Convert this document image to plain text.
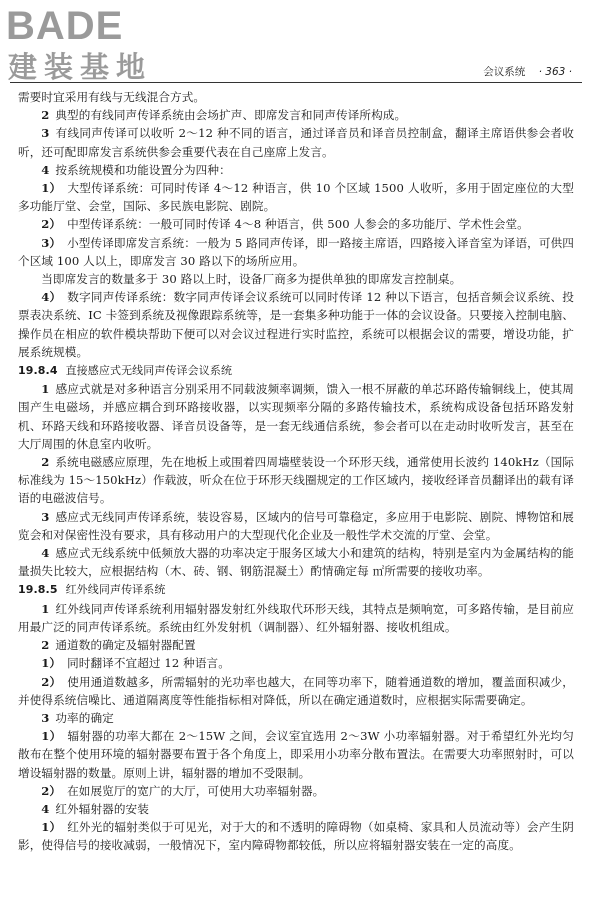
BADE
建装基地	会议系统 · 363 ·

需要时宜采用有线与无线混合方式。

2 典型的有线同声传译系统由会场扩声、即席发言和同声传译所构成。

3 有线同声传译可以收听 2～12 种不同的语言，通过译音员和译音员控制盒，翻译主席语供参会者收听，还可配即席发言系统供参会重要代表在自己座席上发言。

4 按系统规模和功能设置分为四种：

1） 大型传译系统：可同时传译 4～12 种语言，供 10 个区域 1500 人收听，多用于固定座位的大型多功能厅堂、会堂，国际、多民族电影院、剧院。

2） 中型传译系统：一般可同时传译 4～8 种语言，供 500 人参会的多功能厅、学术性会堂。

3） 小型传译即席发言系统：一般为 5 路同声传译，即一路接主席语，四路接入译音室为译语，可供四个区域 100 人以上，即席发言 30 路以下的场所应用。

当即席发言的数量多于 30 路以上时，设备厂商多为提供单独的即席发言控制桌。

4） 数字同声传译系统：数字同声传译会议系统可以同时传译 12 种以下语言，包括音频会议系统、投票表决系统、IC 卡签到系统及视像跟踪系统等，是一套集多种功能于一体的会议设备。只要接入控制电脑、操作员在相应的软件模块帮助下便可以对会议过程进行实时监控，系统可以根据会议的需要，增设功能，扩展系统规模。

19.8.4 直接感应式无线同声传译会议系统

1 感应式就是对多种语言分别采用不同载波频率调频，馈入一根不屏蔽的单芯环路传输铜线上，使其周围产生电磁场，并感应耦合到环路接收器，以实现频率分隔的多路传输技术，系统构成设备包括环路发射机、环路天线和环路接收器、译音员设备等，是一套无线通信系统，参会者可以在走动时收听发言，甚至在大厅周围的休息室内收听。

2 系统电磁感应原理，先在地板上或围着四周墙壁装设一个环形天线，通常使用长波约 140kHz（国际标准线为 15～150kHz）作载波，听众在位于环形天线圈规定的工作区域内，接收经译音员翻译出的载有译语的电磁波信号。

3 感应式无线同声传译系统，装设容易，区域内的信号可靠稳定，多应用于电影院、剧院、博物馆和展览会和对保密性没有要求，具有移动用户的大型现代化企业及一般性学术交流的厅堂、会堂。

4 感应式无线系统中低频放大器的功率决定于服务区域大小和建筑的结构，特别是室内为金属结构的能量损失比较大，应根据结构（木、砖、钢、钢筋混凝土）酌情确定每 ㎡所需要的接收功率。

19.8.5 红外线同声传译系统

1 红外线同声传译系统利用辐射器发射红外线取代环形天线，其特点是频响宽，可多路传输，是目前应用最广泛的同声传译系统。系统由红外发射机（调制器）、红外辐射器、接收机组成。

2 通道数的确定及辐射器配置

1） 同时翻译不宜超过 12 种语言。

2） 使用通道数越多，所需辐射的光功率也越大，在同等功率下，随着通道数的增加，覆盖面积减少，并使得系统信噪比、通道隔离度等性能指标相对降低，所以在确定通道数时，应根据实际需要确定。

3 功率的确定

1） 辐射器的功率大都在 2～15W 之间，会议室宜选用 2～3W 小功率辐射器。对于希望红外光均匀散布在整个使用环境的辐射器要布置于各个角度上，即采用小功率分散布置法。在需要大功率照射时，可以增设辐射器的数量。原则上讲，辐射器的增加不受限制。

2） 在如展览厅的宽广的大厅，可使用大功率辐射器。

4 红外辐射器的安装

1） 红外光的辐射类似于可见光，对于大的和不透明的障碍物（如桌椅、家具和人员流动等）会产生阴影，使得信号的接收减弱，一般情况下，室内障碍物都较低，所以应将辐射器安装在一定的高度。
